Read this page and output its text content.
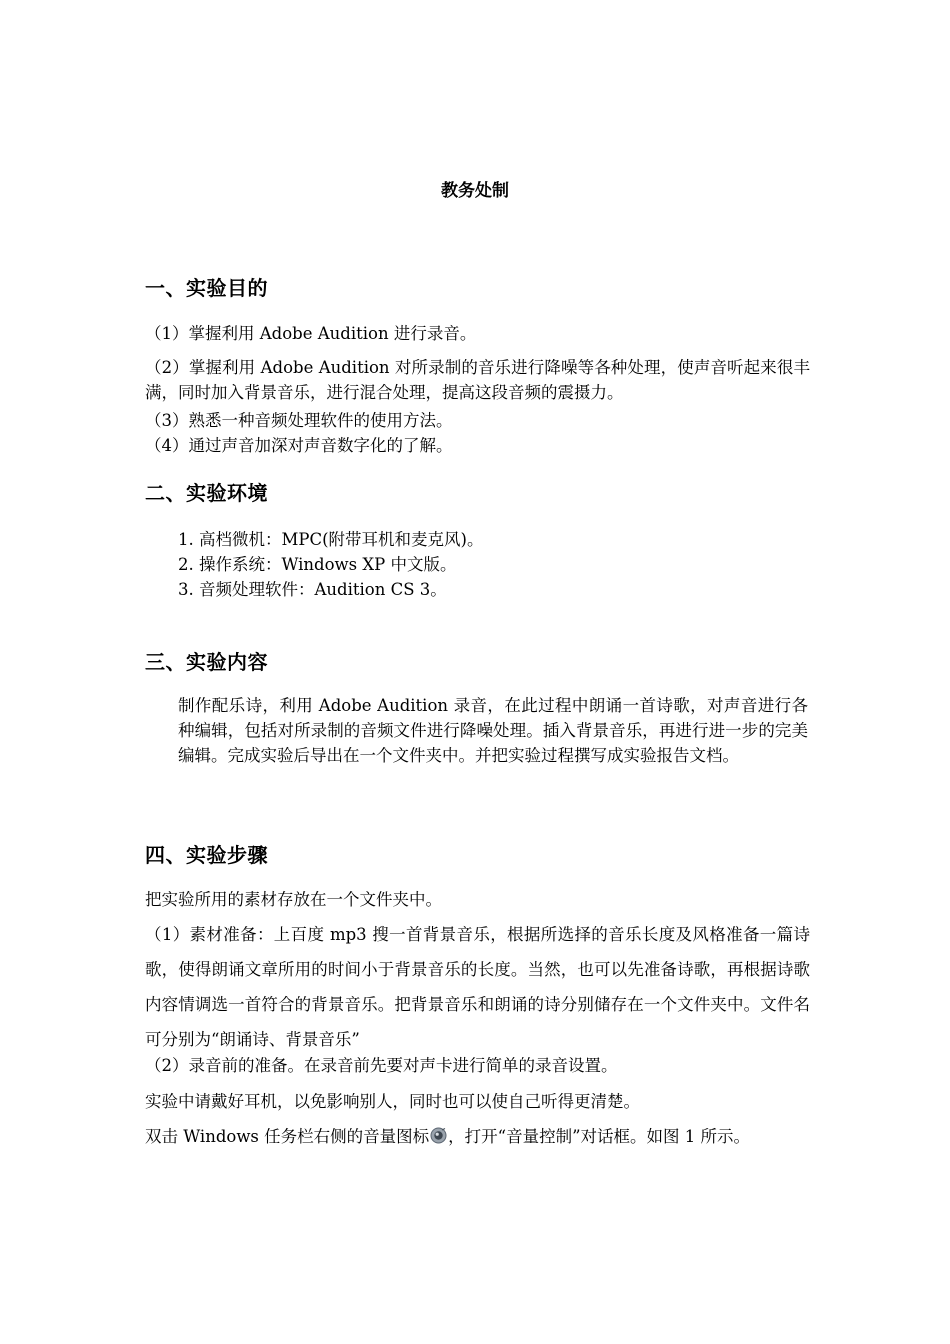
教务处制
一、实验目的
（1）掌握利用 Adobe Audition 进行录音。
（2）掌握利用 Adobe Audition 对所录制的音乐进行降噪等各种处理，使声音听起来很丰满，同时加入背景音乐，进行混合处理，提高这段音频的震摄力。
（3）熟悉一种音频处理软件的使用方法。
（4）通过声音加深对声音数字化的了解。
二、实验环境
1. 高档微机：MPC(附带耳机和麦克风)。
2. 操作系统：Windows XP 中文版。
3. 音频处理软件：Audition CS 3。
三、实验内容
制作配乐诗，利用 Adobe Audition 录音，在此过程中朗诵一首诗歌，对声音进行各种编辑，包括对所录制的音频文件进行降噪处理。插入背景音乐，再进行进一步的完美编辑。完成实验后导出在一个文件夹中。并把实验过程撰写成实验报告文档。
四、实验步骤
把实验所用的素材存放在一个文件夹中。
（1）素材准备：上百度 mp3 搜一首背景音乐，根据所选择的音乐长度及风格准备一篇诗歌，使得朗诵文章所用的时间小于背景音乐的长度。当然，也可以先准备诗歌，再根据诗歌内容情调选一首符合的背景音乐。把背景音乐和朗诵的诗分别储存在一个文件夹中。文件名可分别为“朗诵诗、背景音乐”
（2）录音前的准备。在录音前先要对声卡进行简单的录音设置。
实验中请戴好耳机，以免影响别人，同时也可以使自己听得更清楚。
双击 Windows 任务栏右侧的音量图标 ，打开“音量控制”对话框。如图 1 所示。
